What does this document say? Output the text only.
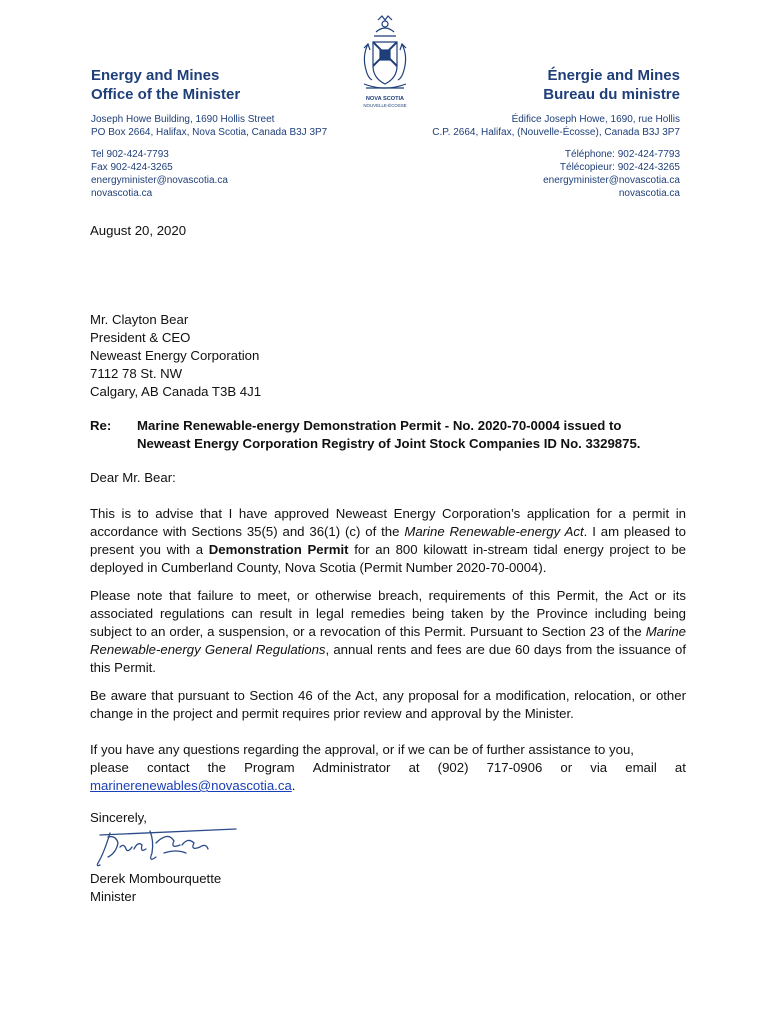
Energy and Mines
Office of the Minister
Joseph Howe Building, 1690 Hollis Street
PO Box 2664, Halifax, Nova Scotia, Canada B3J 3P7
Tel 902-424-7793
Fax 902-424-3265
energyminister@novascotia.ca
novascotia.ca
NOVA SCOTIA
NOUVELLE-ÉCOSSE
Énergie and Mines
Bureau du ministre
Édifice Joseph Howe, 1690, rue Hollis
C.P. 2664, Halifax, (Nouvelle-Écosse), Canada B3J 3P7
Téléphone: 902-424-7793
Télécopieur: 902-424-3265
energyminister@novascotia.ca
novascotia.ca
August 20, 2020
Mr. Clayton Bear
President & CEO
Neweast Energy Corporation
7112 78 St. NW
Calgary, AB Canada T3B 4J1
Re: Marine Renewable-energy Demonstration Permit - No. 2020-70-0004 issued to
Neweast Energy Corporation Registry of Joint Stock Companies ID No. 3329875.
Dear Mr. Bear:

This is to advise that I have approved Neweast Energy Corporation’s application for a permit in accordance with Sections 35(5) and 36(1) (c) of the Marine Renewable-energy Act. I am pleased to present you with a Demonstration Permit for an 800 kilowatt in-stream tidal energy project to be deployed in Cumberland County, Nova Scotia (Permit Number 2020-70-0004).

Please note that failure to meet, or otherwise breach, requirements of this Permit, the Act or its associated regulations can result in legal remedies being taken by the Province including being subject to an order, a suspension, or a revocation of this Permit. Pursuant to Section 23 of the Marine Renewable-energy General Regulations, annual rents and fees are due 60 days from the issuance of this Permit.

Be aware that pursuant to Section 46 of the Act, any proposal for a modification, relocation, or other change in the project and permit requires prior review and approval by the Minister.
If you have any questions regarding the approval, or if we can be of further assistance to you,
please contact the Program Administrator at (902) 717-0906 or via email at
marinerenewables@novascotia.ca.
Sincerely,
Derek Mombourquette
Minister
